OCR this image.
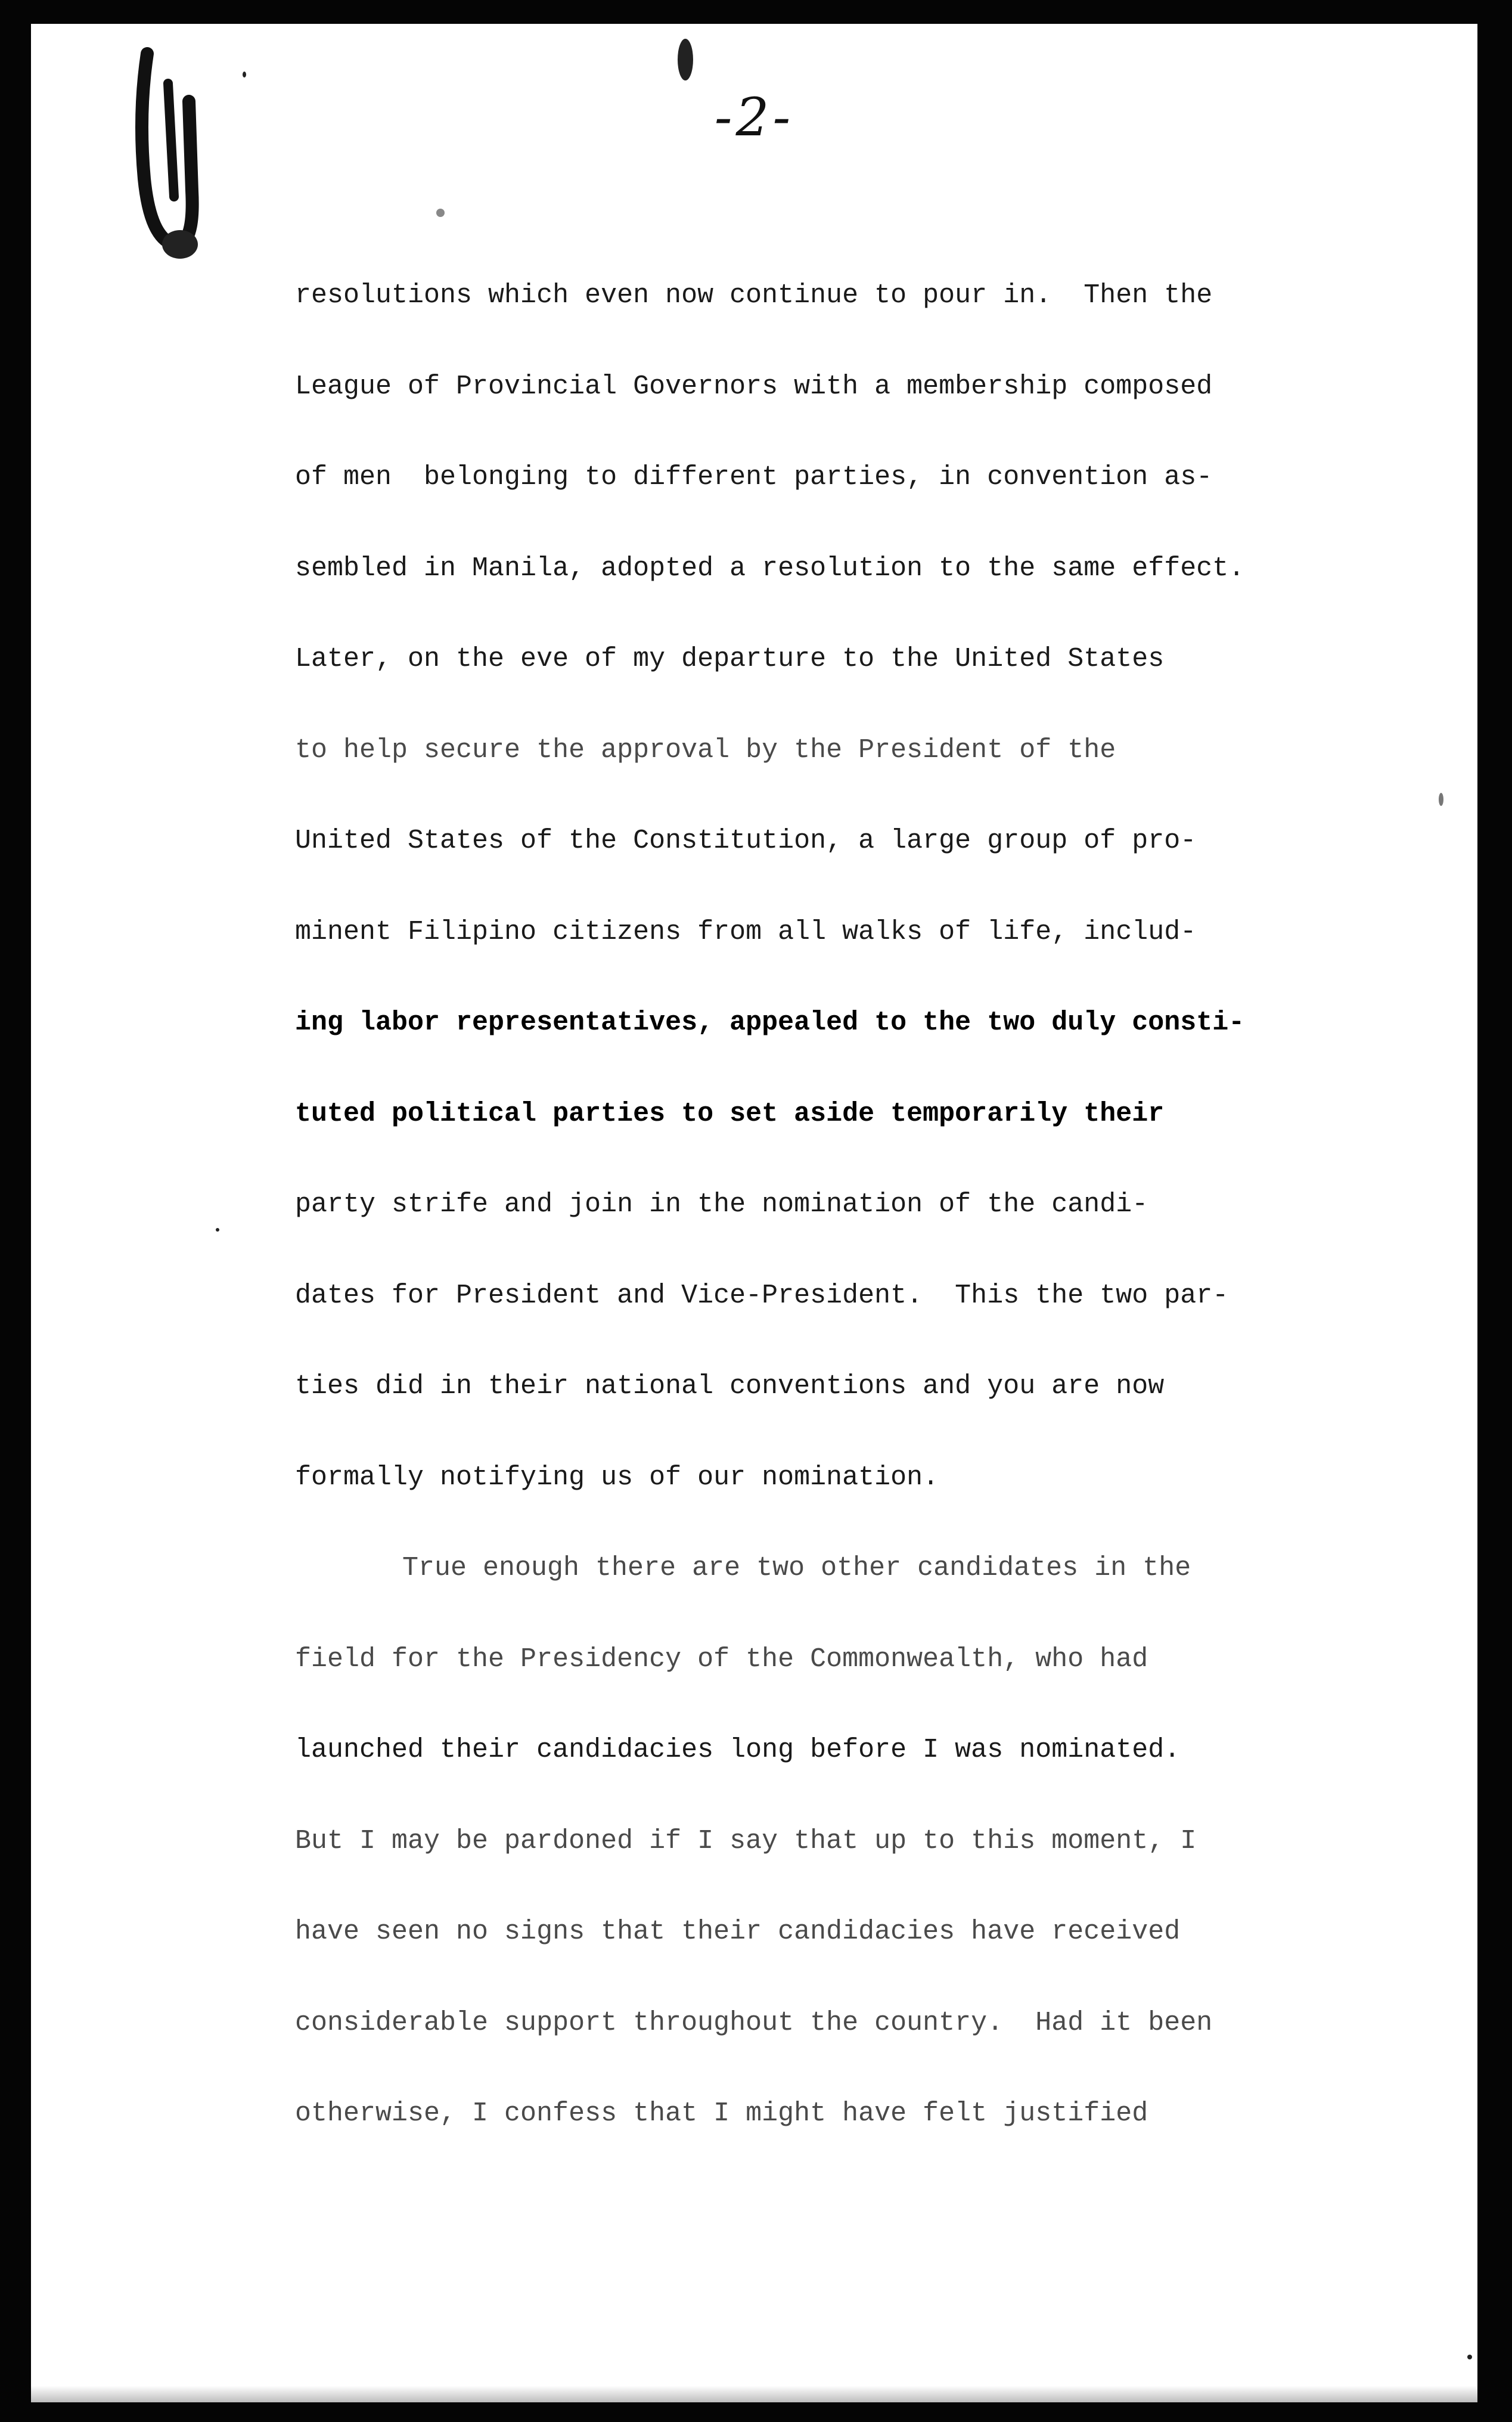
-2-
resolutions which even now continue to pour in.  Then the
League of Provincial Governors with a membership composed
of men  belonging to different parties, in convention as-
sembled in Manila, adopted a resolution to the same effect.
Later, on the eve of my departure to the United States
to help secure the approval by the President of the
United States of the Constitution, a large group of pro-
minent Filipino citizens from all walks of life, includ-
ing labor representatives, appealed to the two duly consti-
tuted political parties to set aside temporarily their
party strife and join in the nomination of the candi-
dates for President and Vice-President.  This the two par-
ties did in their national conventions and you are now
formally notifying us of our nomination.
True enough there are two other candidates in the
field for the Presidency of the Commonwealth, who had
launched their candidacies long before I was nominated.
But I may be pardoned if I say that up to this moment, I
have seen no signs that their candidacies have received
considerable support throughout the country.  Had it been
otherwise, I confess that I might have felt justified
